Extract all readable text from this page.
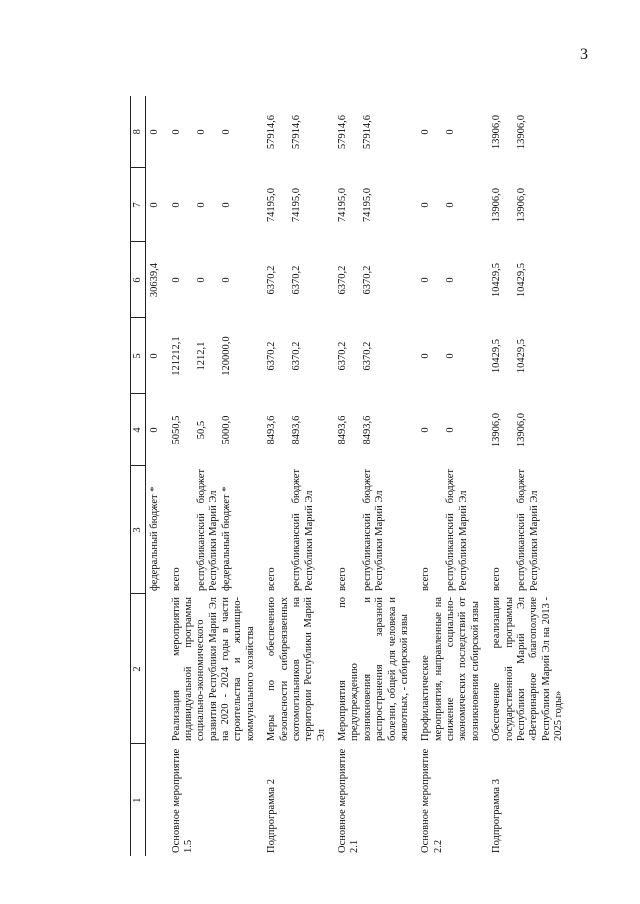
3
1	2	3	4	5	6	7	8

		федеральный бюджет *	0	0	30639,4	0	0

Основное мероприятие 1.5	Реализация мероприятий индивидуальной программы социально-экономического развития Республики Марий Эл на 2020 - 2024 годы в части строительства и жилищно-коммунального хозяйства	всего республиканский бюджет Республики Марий Эл федеральный бюджет *	5050,5 50,5 5000,0	121212,1 1212,1 120000,0	0 0 0	0 0 0	0 0 0

Подпрограмма 2	Меры по обеспечению безопасности сибиреязвенных скотомогильников на территории Республики Марий Эл	всего республиканский бюджет Республики Марий Эл	8493,6 8493,6	6370,2 6370,2	6370,2 6370,2	74195,0 74195,0	57914,6 57914,6

Основное мероприятие 2.1	Мероприятия по предупреждению возникновения и распространения заразной болезни, общей для человека и животных, - сибирской язвы	всего республиканский бюджет Республики Марий Эл	8493,6 8493,6	6370,2 6370,2	6370,2 6370,2	74195,0 74195,0	57914,6 57914,6

Основное мероприятие 2.2	Профилактические мероприятия, направленные на снижение социально-экономических последствий от возникновения сибирской язвы	всего республиканский бюджет Республики Марий Эл	0 0	0 0	0 0	0 0	0 0

Подпрограмма 3	Обеспечение реализации государственной программы Республики Марий Эл «Ветеринарное благополучие Республики Марий Эл на 2013 - 2025 годы»	всего республиканский бюджет Республики Марий Эл	13906,0 13906,0	10429,5 10429,5	10429,5 10429,5	13906,0 13906,0	13906,0 13906,0
